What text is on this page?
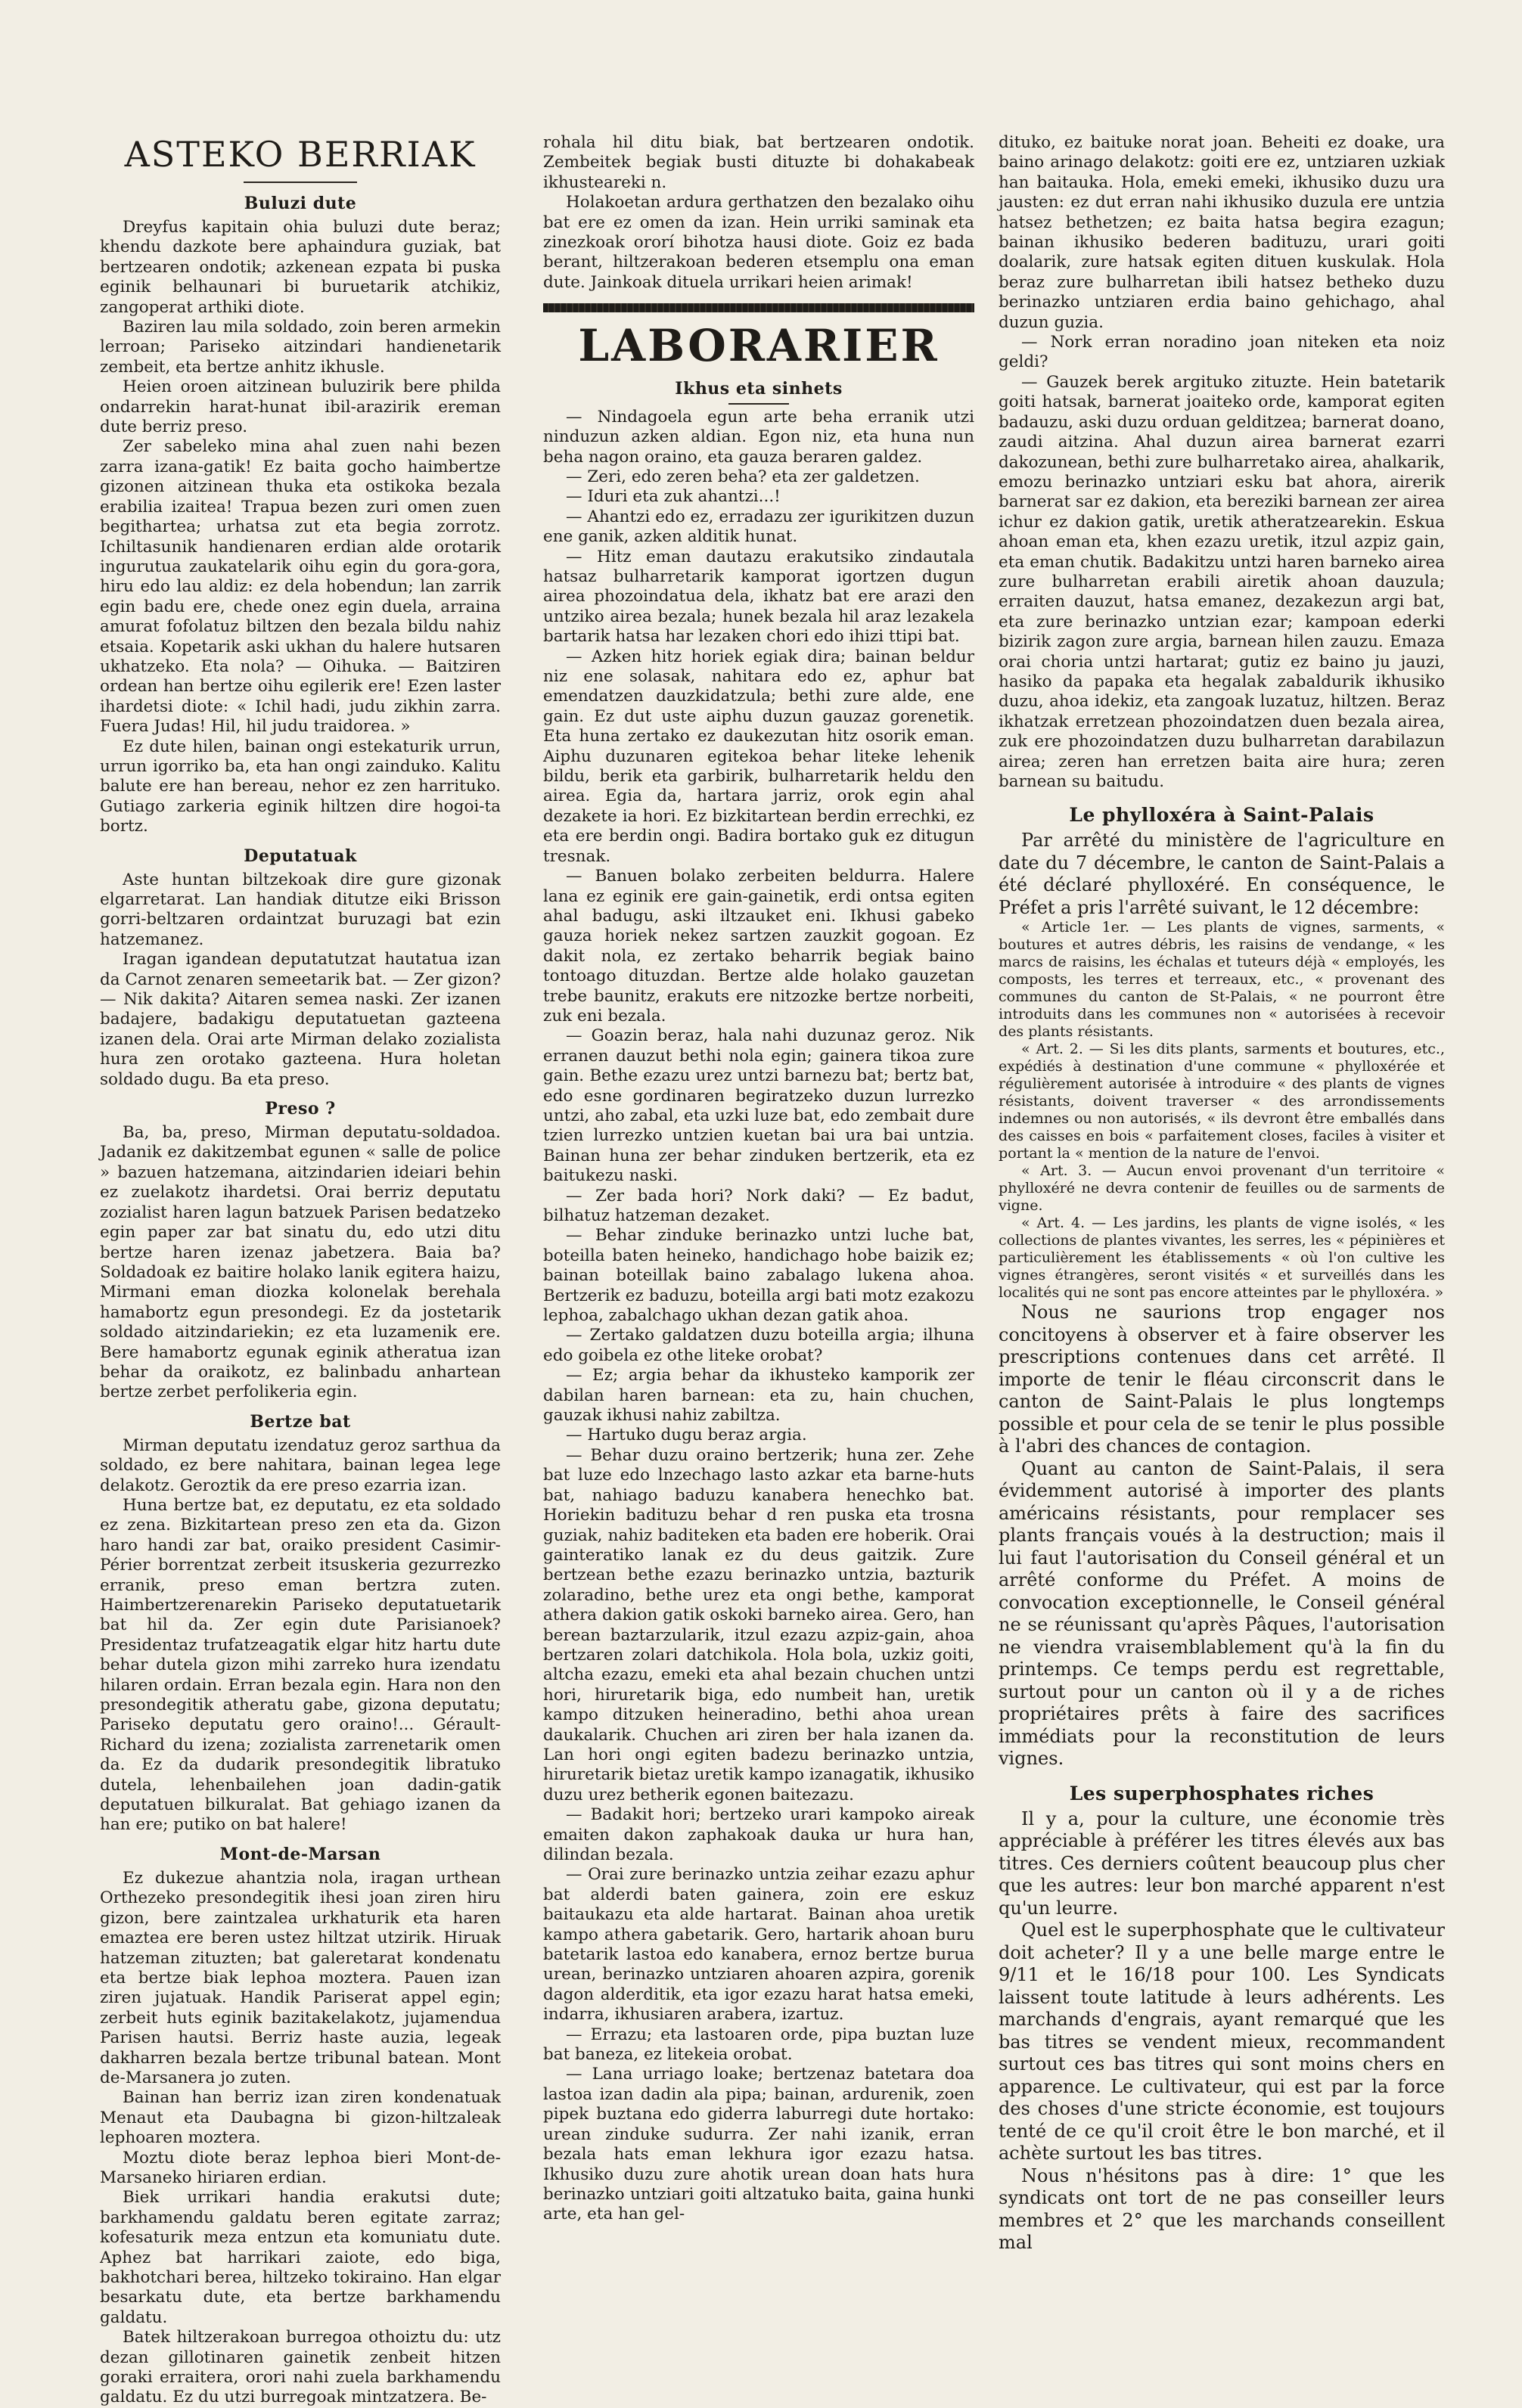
ASTEKO BERRIAK
Buluzi dute

Dreyfus kapitain ohia buluzi dute beraz; khendu dazkote bere aphaindura guziak, bat bertzearen ondotik; azkenean ezpata bi puska eginik belhaunari bi buruetarik atchikiz, zangoperat arthiki diote.

Baziren lau mila soldado, zoin beren armekin lerroan; Pariseko aitzindari handienetarik zembeit, eta bertze anhitz ikhusle.

Heien oroen aitzinean buluzirik bere philda ondarrekin harat-hunat ibil-arazirik ereman dute berriz preso.

Zer sabeleko mina ahal zuen nahi bezen zarra izana-gatik! Ez baita gocho haimbertze gizonen aitzinean thuka eta ostikoka bezala erabilia izaitea! Trapua bezen zuri omen zuen begithartea; urhatsa zut eta begia zorrotz. Ichiltasunik handienaren erdian alde orotarik ingurutua zaukatelarik oihu egin du gora-gora, hiru edo lau aldiz: ez dela hobendun; lan zarrik egin badu ere, chede onez egin duela, arraina amurat fofolatuz biltzen den bezala bildu nahiz etsaia. Kopetarik aski ukhan du halere hutsaren ukhatzeko. Eta nola? — Oihuka. — Baitziren ordean han bertze oihu egilerik ere! Ezen laster ihardetsi diote: « Ichil hadi, judu zikhin zarra. Fuera Judas! Hil, hil judu traidorea. »

Ez dute hilen, bainan ongi estekaturik urrun, urrun igorriko ba, eta han ongi zainduko. Kalitu balute ere han bereau, nehor ez zen harrituko. Gutiago zarkeria eginik hiltzen dire hogoi-ta bortz.

Deputatuak

Aste huntan biltzekoak dire gure gizonak elgarretarat. Lan handiak ditutze eiki Brisson gorri-beltzaren ordaintzat buruzagi bat ezin hatzemanez.

Iragan igandean deputatutzat hautatua izan da Carnot zenaren semeetarik bat. — Zer gizon? — Nik dakita? Aitaren semea naski. Zer izanen badajere, badakigu deputatuetan gazteena izanen dela. Orai arte Mirman delako zozialista hura zen orotako gazteena. Hura holetan soldado dugu. Ba eta preso.

Preso ?

Ba, ba, preso, Mirman deputatu-soldadoa. Jadanik ez dakitzembat egunen « salle de police » bazuen hatzemana, aitzindarien ideiari behin ez zuelakotz ihardetsi. Orai berriz deputatu zozialist haren lagun batzuek Parisen bedatzeko egin paper zar bat sinatu du, edo utzi ditu bertze haren izenaz jabetzera. Baia ba? Soldadoak ez baitire holako lanik egitera haizu, Mirmani eman diozka kolonelak berehala hamabortz egun presondegi. Ez da jostetarik soldado aitzindariekin; ez eta luzamenik ere. Bere hamabortz egunak eginik atheratua izan behar da oraikotz, ez balinbadu anhartean bertze zerbet perfolikeria egin.

Bertze bat

Mirman deputatu izendatuz geroz sarthua da soldado, ez bere nahitara, bainan legea lege delakotz. Geroztik da ere preso ezarria izan.

Huna bertze bat, ez deputatu, ez eta soldado ez zena. Bizkitartean preso zen eta da. Gizon haro handi zar bat, oraiko president Casimir-Périer borrentzat zerbeit itsuskeria gezurrezko erranik, preso eman bertzra zuten. Haimbertzerenarekin Pariseko deputatuetarik bat hil da. Zer egin dute Parisianoek? Presidentaz trufatzeagatik elgar hitz hartu dute behar dutela gizon mihi zarreko hura izendatu hilaren ordain. Erran bezala egin. Hara non den presondegitik atheratu gabe, gizona deputatu; Pariseko deputatu gero oraino!... Gérault-Richard du izena; zozialista zarrenetarik omen da. Ez da dudarik presondegitik libratuko dutela, lehenbailehen joan dadin-gatik deputatuen bilkuralat. Bat gehiago izanen da han ere; putiko on bat halere!

Mont-de-Marsan

Ez dukezue ahantzia nola, iragan urthean Orthezeko presondegitik ihesi joan ziren hiru gizon, bere zaintzalea urkhaturik eta haren emaztea ere beren ustez hiltzat utzirik. Hiruak hatzeman zituzten; bat galeretarat kondenatu eta bertze biak lephoa moztera. Pauen izan ziren jujatuak. Handik Pariserat appel egin; zerbeit huts eginik bazitakelakotz, jujamendua Parisen hautsi. Berriz haste auzia, legeak dakharren bezala bertze tribunal batean. Mont de-Marsanera jo zuten.

Bainan han berriz izan ziren kondenatuak Menaut eta Daubagna bi gizon-hiltzaleak lephoaren moztera.

Moztu diote beraz lephoa bieri Mont-de-Marsaneko hiriaren erdian.

Biek urrikari handia erakutsi dute; barkhamendu galdatu beren egitate zarraz; kofesaturik meza entzun eta komuniatu dute. Aphez bat harrikari zaiote, edo biga, bakhotchari berea, hiltzeko tokiraino. Han elgar besarkatu dute, eta bertze barkhamendu galdatu.

Batek hiltzerakoan burregoa othoiztu du: utz dezan gillotinaren gainetik zenbeit hitzen goraki erraitera, orori nahi zuela barkhamendu galdatu. Ez du utzi burregoak mintzatzera. Be-

rohala hil ditu biak, bat bertzearen ondotik. Zembeitek begiak busti dituzte bi dohakabeak ikhusteareki n.

Holakoetan ardura gerthatzen den bezalako oihu bat ere ez omen da izan. Hein urriki saminak eta zinezkoak ororí bihotza hausi diote. Goiz ez bada berant, hiltzerakoan bederen etsemplu ona eman dute. Jainkoak dituela urrikari heien arimak!

LABORARIER
Ikhus eta sinhets

— Nindagoela egun arte beha erranik utzi ninduzun azken aldian. Egon niz, eta huna nun beha nagon oraino, eta gauza beraren galdez.

— Zeri, edo zeren beha? eta zer galdetzen.

— Iduri eta zuk ahantzi...!

— Ahantzi edo ez, erradazu zer igurikitzen duzun ene ganik, azken alditik hunat.

— Hitz eman dautazu erakutsiko zindautala hatsaz bulharretarik kamporat igortzen dugun airea phozoindatua dela, ikhatz bat ere arazi den untziko airea bezala; hunek bezala hil araz lezakela bartarik hatsa har lezaken chori edo ihizi ttipi bat.

— Azken hitz horiek egiak dira; bainan beldur niz ene solasak, nahitara edo ez, aphur bat emendatzen dauzkidatzula; bethi zure alde, ene gain. Ez dut uste aiphu duzun gauzaz gorenetik. Eta huna zertako ez daukezutan hitz osorik eman. Aiphu duzunaren egitekoa behar liteke lehenik bildu, berik eta garbirik, bulharretarik heldu den airea. Egia da, hartara jarriz, orok egin ahal dezakete ia hori. Ez bizkitartean berdin errechki, ez eta ere berdin ongi. Badira bortako guk ez ditugun tresnak.

— Banuen bolako zerbeiten beldurra. Halere lana ez eginik ere gain-gainetik, erdi ontsa egiten ahal badugu, aski iltzauket eni. Ikhusi gabeko gauza horiek nekez sartzen zauzkit gogoan. Ez dakit nola, ez zertako beharrik begiak baino tontoago dituzdan. Bertze alde holako gauzetan trebe baunitz, erakuts ere nitzozke bertze norbeiti, zuk eni bezala.

— Goazin beraz, hala nahi duzunaz geroz. Nik erranen dauzut bethi nola egin; gainera tikoa zure gain. Bethe ezazu urez untzi barnezu bat; bertz bat, edo esne gordinaren begiratzeko duzun lurrezko untzi, aho zabal, eta uzki luze bat, edo zembait dure tzien lurrezko untzien kuetan bai ura bai untzia. Bainan huna zer behar zinduken bertzerik, eta ez baitukezu naski.

— Zer bada hori? Nork daki? — Ez badut, bilhatuz hatzeman dezaket.

— Behar zinduke berinazko untzi luche bat, boteilla baten heineko, handichago hobe baizik ez; bainan boteillak baino zabalago lukena ahoa. Bertzerik ez baduzu, boteilla argi bati motz ezakozu lephoa, zabalchago ukhan dezan gatik ahoa.

— Zertako galdatzen duzu boteilla argia; ilhuna edo goibela ez othe liteke orobat?

— Ez; argia behar da ikhusteko kamporik zer dabilan haren barnean: eta zu, hain chuchen, gauzak ikhusi nahiz zabiltza.

— Hartuko dugu beraz argia.

— Behar duzu oraino bertzerik; huna zer. Zehe bat luze edo lnzechago lasto azkar eta barne-huts bat, nahiago baduzu kanabera henechko bat. Horiekin badituzu behar d ren puska eta trosna guziak, nahiz baditeken eta baden ere hoberik. Orai gainteratiko lanak ez du deus gaitzik. Zure bertzean bethe ezazu berinazko untzia, bazturik zolaradino, bethe urez eta ongi bethe, kamporat athera dakion gatik oskoki barneko airea. Gero, han berean baztarzularik, itzul ezazu azpiz-gain, ahoa bertzaren zolari datchikola. Hola bola, uzkiz goiti, altcha ezazu, emeki eta ahal bezain chuchen untzi hori, hiruretarik biga, edo numbeit han, uretik kampo ditzuken heineradino, bethi ahoa urean daukalarik. Chuchen ari ziren ber hala izanen da. Lan hori ongi egiten badezu berinazko untzia, hiruretarik bietaz uretik kampo izanagatik, ikhusiko duzu urez betherik egonen baitezazu.

— Badakit hori; bertzeko urari kampoko aireak emaiten dakon zaphakoak dauka ur hura han, dilindan bezala.

— Orai zure berinazko untzia zeihar ezazu aphur bat alderdi baten gainera, zoin ere eskuz baitaukazu eta alde hartarat. Bainan ahoa uretik kampo athera gabetarik. Gero, hartarik ahoan buru batetarik lastoa edo kanabera, ernoz bertze burua urean, berinazko untziaren ahoaren azpira, gorenik dagon alderditik, eta igor ezazu harat hatsa emeki, indarra, ikhusiaren arabera, izartuz.

— Errazu; eta lastoaren orde, pipa buztan luze bat baneza, ez litekeia orobat.

— Lana urriago loake; bertzenaz batetara doa lastoa izan dadin ala pipa; bainan, ardurenik, zoen pipek buztana edo giderra laburregi dute hortako: urean zinduke sudurra. Zer nahi izanik, erran bezala hats eman lekhura igor ezazu hatsa. Ikhusiko duzu zure ahotik urean doan hats hura berinazko untziari goiti altzatuko baita, gaina hunki arte, eta han gel-

dituko, ez baituke norat joan. Beheiti ez doake, ura baino arinago delakotz: goiti ere ez, untziaren uzkiak han baitauka. Hola, emeki emeki, ikhusiko duzu ura jausten: ez dut erran nahi ikhusiko duzula ere untzia hatsez bethetzen; ez baita hatsa begira ezagun; bainan ikhusiko bederen badituzu, urari goiti doalarik, zure hatsak egiten dituen kuskulak. Hola beraz zure bulharretan ibili hatsez betheko duzu berinazko untziaren erdia baino gehichago, ahal duzun guzia.

— Nork erran noradino joan niteken eta noiz geldi?

— Gauzek berek argituko zituzte. Hein batetarik goiti hatsak, barnerat joaiteko orde, kamporat egiten badauzu, aski duzu orduan gelditzea; barnerat doano, zaudi aitzina. Ahal duzun airea barnerat ezarri dakozunean, bethi zure bulharretako airea, ahalkarik, emozu berinazko untziari esku bat ahora, airerik barnerat sar ez dakion, eta bereziki barnean zer airea ichur ez dakion gatik, uretik atheratzearekin. Eskua ahoan eman eta, khen ezazu uretik, itzul azpiz gain, eta eman chutik. Badakitzu untzi haren barneko airea zure bulharretan erabili airetik ahoan dauzula; erraiten dauzut, hatsa emanez, dezakezun argi bat, eta zure berinazko untzian ezar; kampoan ederki bizirik zagon zure argia, barnean hilen zauzu. Emaza orai choria untzi hartarat; gutiz ez baino ju jauzi, hasiko da papaka eta hegalak zabaldurik ikhusiko duzu, ahoa idekiz, eta zangoak luzatuz, hiltzen. Beraz ikhatzak erretzean phozoindatzen duen bezala airea, zuk ere phozoindatzen duzu bulharretan darabilazun airea; zeren han erretzen baita aire hura; zeren barnean su baitudu.

Le phylloxéra à Saint-Palais

Par arrêté du ministère de l'agriculture en date du 7 décembre, le canton de Saint-Palais a été déclaré phylloxéré. En conséquence, le Préfet a pris l'arrêté suivant, le 12 décembre:

« Article 1er. — Les plants de vignes, sarments, « boutures et autres débris, les raisins de vendange, « les marcs de raisins, les échalas et tuteurs déjà « employés, les composts, les terres et terreaux, etc., « provenant des communes du canton de St-Palais, « ne pourront être introduits dans les communes non « autorisées à recevoir des plants résistants.

« Art. 2. — Si les dits plants, sarments et boutures, etc., expédiés à destination d'une commune « phylloxérée et régulièrement autorisée à introduire « des plants de vignes résistants, doivent traverser « des arrondissements indemnes ou non autorisés, « ils devront être emballés dans des caisses en bois « parfaitement closes, faciles à visiter et portant la « mention de la nature de l'envoi.

« Art. 3. — Aucun envoi provenant d'un territoire « phylloxéré ne devra contenir de feuilles ou de sarments de vigne.

« Art. 4. — Les jardins, les plants de vigne isolés, « les collections de plantes vivantes, les serres, les « pépinières et particulièrement les établissements « où l'on cultive les vignes étrangères, seront visités « et surveillés dans les localités qui ne sont pas encore atteintes par le phylloxéra. »

Nous ne saurions trop engager nos concitoyens à observer et à faire observer les prescriptions contenues dans cet arrêté. Il importe de tenir le fléau circonscrit dans le canton de Saint-Palais le plus longtemps possible et pour cela de se tenir le plus possible à l'abri des chances de contagion.

Quant au canton de Saint-Palais, il sera évidemment autorisé à importer des plants américains résistants, pour remplacer ses plants français voués à la destruction; mais il lui faut l'autorisation du Conseil général et un arrêté conforme du Préfet. A moins de convocation exceptionnelle, le Conseil général ne se réunissant qu'après Pâques, l'autorisation ne viendra vraisemblablement qu'à la fin du printemps. Ce temps perdu est regrettable, surtout pour un canton où il y a de riches propriétaires prêts à faire des sacrifices immédiats pour la reconstitution de leurs vignes.

Les superphosphates riches

Il y a, pour la culture, une économie très appréciable à préférer les titres élevés aux bas titres. Ces derniers coûtent beaucoup plus cher que les autres: leur bon marché apparent n'est qu'un leurre.

Quel est le superphosphate que le cultivateur doit acheter? Il y a une belle marge entre le 9/11 et le 16/18 pour 100. Les Syndicats laissent toute latitude à leurs adhérents. Les marchands d'engrais, ayant remarqué que les bas titres se vendent mieux, recommandent surtout ces bas titres qui sont moins chers en apparence. Le cultivateur, qui est par la force des choses d'une stricte économie, est toujours tenté de ce qu'il croit être le bon marché, et il achète surtout les bas titres.

Nous n'hésitons pas à dire: 1° que les syndicats ont tort de ne pas conseiller leurs membres et 2° que les marchands conseillent mal
